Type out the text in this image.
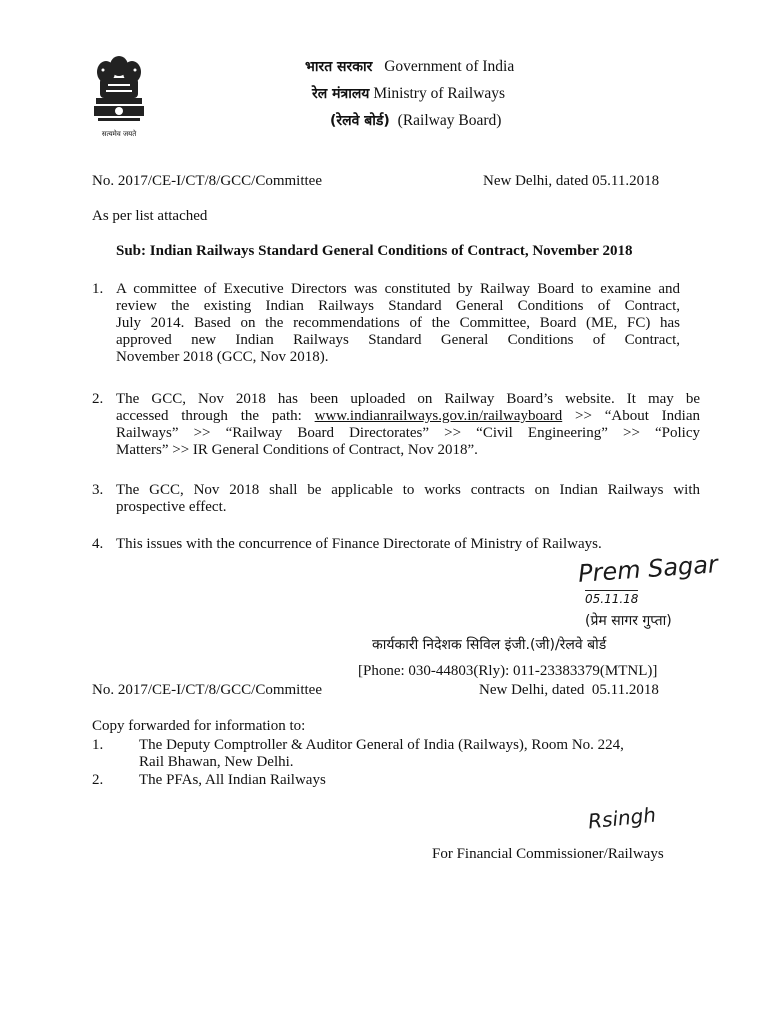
सत्यमेव जयते
भारत सरकार Government of India
रेल मंत्रालय Ministry of Railways
(रेलवे बोर्ड) (Railway Board)
No. 2017/CE-I/CT/8/GCC/Committee	New Delhi, dated 05.11.2018
As per list attached
Sub: Indian Railways Standard General Conditions of Contract, November 2018
1. A committee of Executive Directors was constituted by Railway Board to examine and
review the existing Indian Railways Standard General Conditions of Contract,
July 2014. Based on the recommendations of the Committee, Board (ME, FC) has
approved new Indian Railways Standard General Conditions of Contract,
November 2018 (GCC, Nov 2018).
2. The GCC, Nov 2018 has been uploaded on Railway Board’s website. It may be
accessed through the path: www.indianrailways.gov.in/railwayboard >> “About Indian
Railways” >> “Railway Board Directorates” >> “Civil Engineering” >> “Policy
Matters” >> IR General Conditions of Contract, Nov 2018”.
3. The GCC, Nov 2018 shall be applicable to works contracts on Indian Railways with
prospective effect.
4. This issues with the concurrence of Finance Directorate of Ministry of Railways.
Prem Sagar
05.11.18
(प्रेम सागर गुप्ता)
कार्यकारी निदेशक सिविल इंजी.(जी)/रेलवे बोर्ड
[Phone: 030-44803(Rly): 011-23383379(MTNL)]
No. 2017/CE-I/CT/8/GCC/Committee	New Delhi, dated  05.11.2018
Copy forwarded for information to:
1. The Deputy Comptroller & Auditor General of India (Railways), Room No. 224,
Rail Bhawan, New Delhi.
2. The PFAs, All Indian Railways
Rsingh
For Financial Commissioner/Railways
